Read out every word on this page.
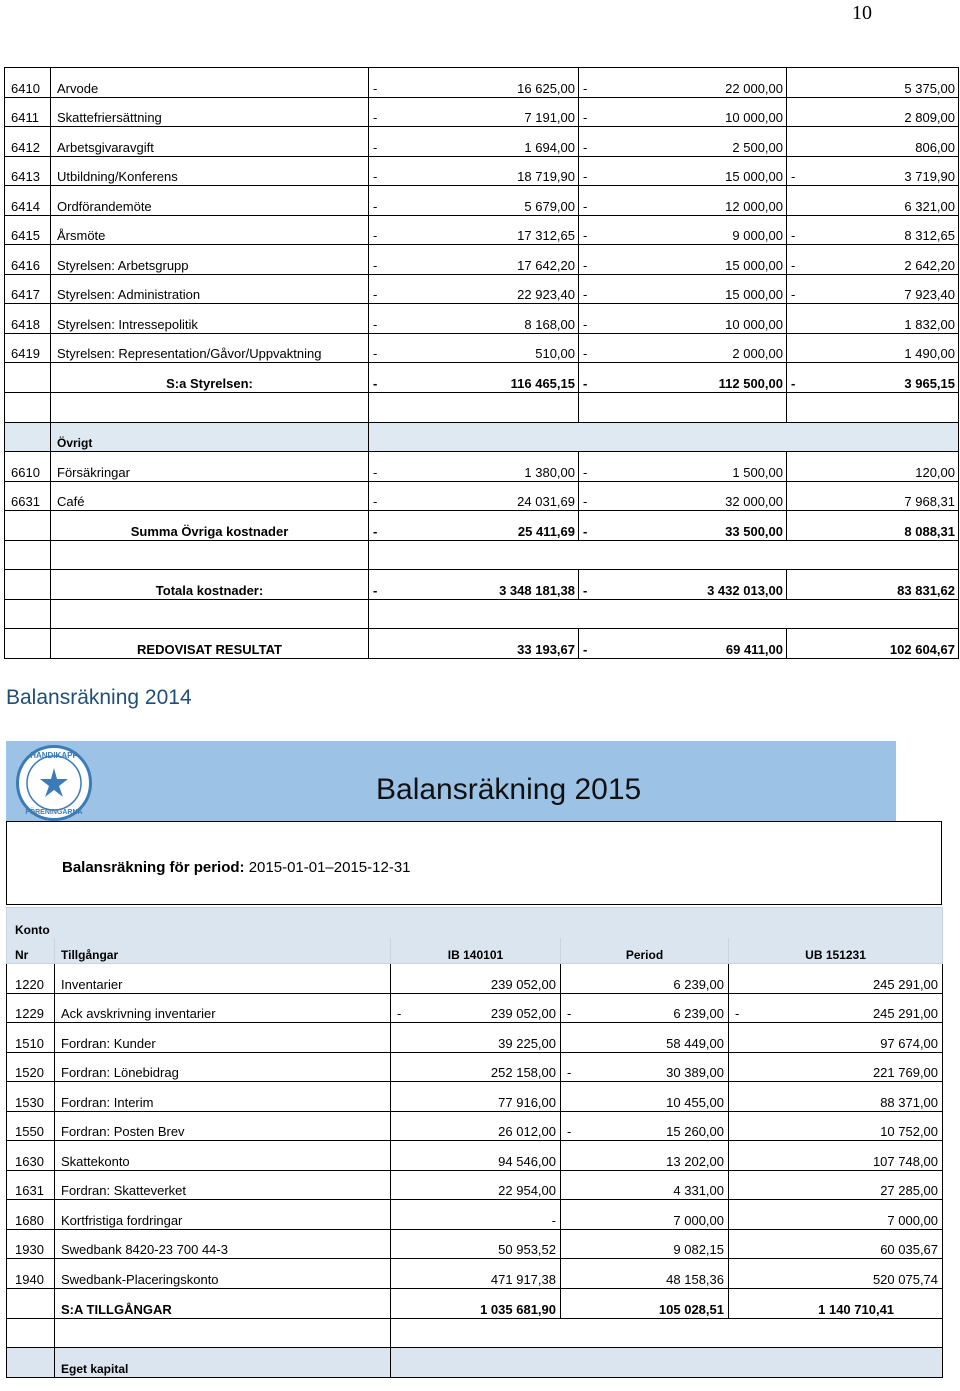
10
6410	Arvode	-	16 625,00	-	22 000,00		5 375,00
6411	Skattefriersättning	-	7 191,00	-	10 000,00		2 809,00
6412	Arbetsgivaravgift	-	1 694,00	-	2 500,00		806,00
6413	Utbildning/Konferens	-	18 719,90	-	15 000,00	-	3 719,90
6414	Ordförandemöte	-	5 679,00	-	12 000,00		6 321,00
6415	Årsmöte	-	17 312,65	-	9 000,00	-	8 312,65
6416	Styrelsen: Arbetsgrupp	-	17 642,20	-	15 000,00	-	2 642,20
6417	Styrelsen: Administration	-	22 923,40	-	15 000,00	-	7 923,40
6418	Styrelsen: Intressepolitik	-	8 168,00	-	10 000,00		1 832,00
6419	Styrelsen: Representation/Gåvor/Uppvaktning	-	510,00	-	2 000,00		1 490,00
	S:a Styrelsen:	-	116 465,15	-	112 500,00	-	3 965,15

	Övrigt						
6610	Försäkringar	-	1 380,00	-	1 500,00		120,00
6631	Café	-	24 031,69	-	32 000,00		7 968,31
	Summa Övriga kostnader	-	25 411,69	-	33 500,00		8 088,31

	Totala kostnader:	-	3 348 181,38	-	3 432 013,00		83 831,62

	REDOVISAT RESULTAT		33 193,67	-	69 411,00		102 604,67
Balansräkning 2014
HANDIKAPP
FÖRENINGARNA
Balansräkning 2015
Balansräkning för period: 2015-01-01–2015-12-31
Konto							
Nr	Tillgångar	IB 140101		Period		UB 151231	
1220	Inventarier		239 052,00		6 239,00		245 291,00
1229	Ack avskrivning inventarier	-	239 052,00	-	6 239,00	-	245 291,00
1510	Fordran: Kunder		39 225,00		58 449,00		97 674,00
1520	Fordran: Lönebidrag		252 158,00	-	30 389,00		221 769,00
1530	Fordran: Interim		77 916,00		10 455,00		88 371,00
1550	Fordran: Posten Brev		26 012,00	-	15 260,00		10 752,00
1630	Skattekonto		94 546,00		13 202,00		107 748,00
1631	Fordran: Skatteverket		22 954,00		4 331,00		27 285,00
1680	Kortfristiga fordringar		-		7 000,00		7 000,00
1930	Swedbank 8420-23 700 44-3		50 953,52		9 082,15		60 035,67
1940	Swedbank-Placeringskonto		471 917,38		48 158,36		520 075,74
	S:A TILLGÅNGAR		1 035 681,90		105 028,51		1 140 710,41

	Eget kapital						
